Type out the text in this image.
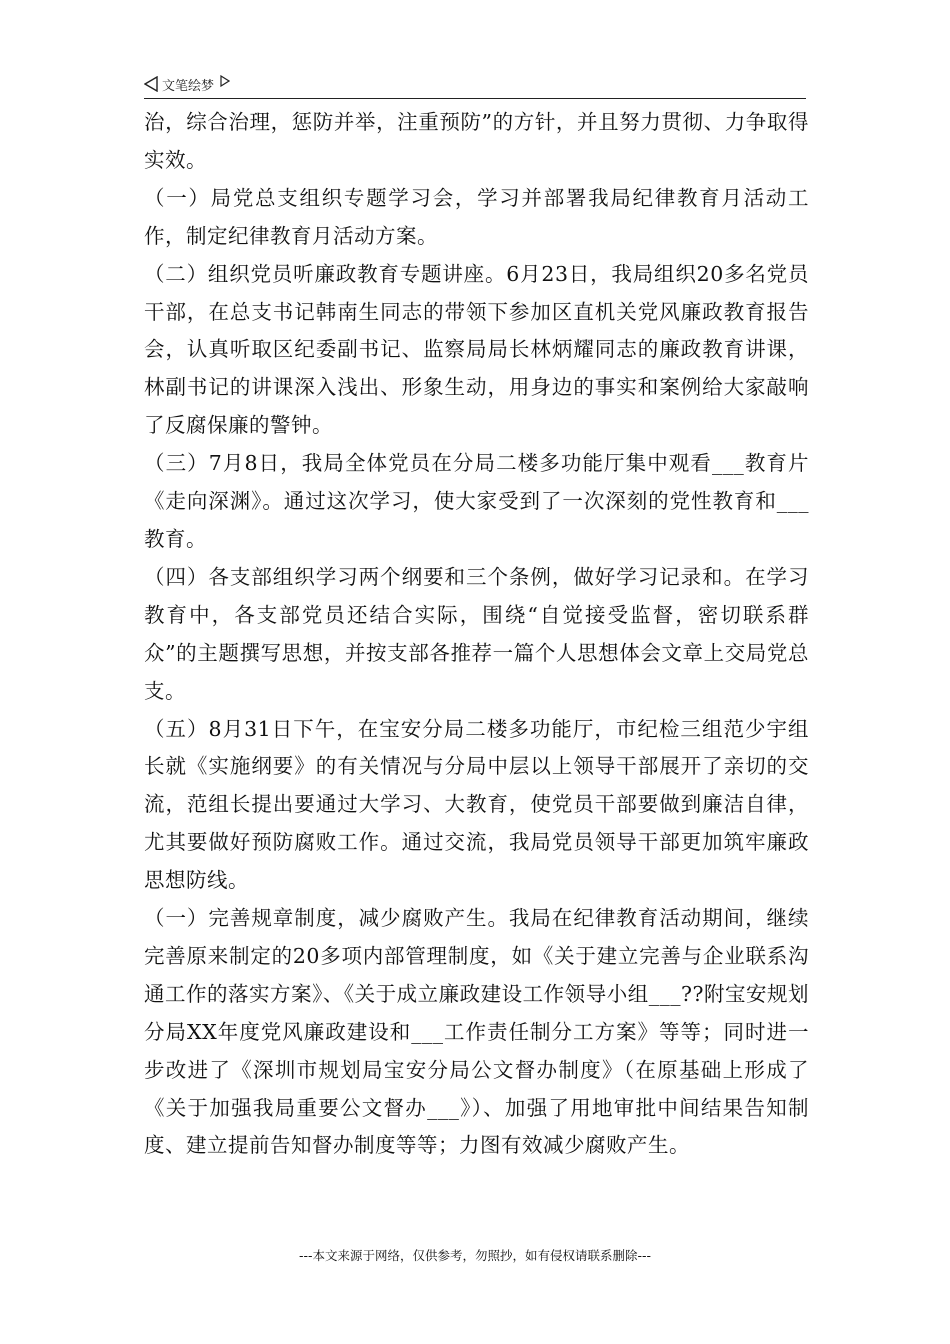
文笔绘梦

治，综合治理，惩防并举，注重预防”的方针，并且努力贯彻、力争取得实效。

（一）局党总支组织专题学习会，学习并部署我局纪律教育月活动工作，制定纪律教育月活动方案。

（二）组织党员听廉政教育专题讲座。6月23日，我局组织20多名党员干部，在总支书记韩南生同志的带领下参加区直机关党风廉政教育报告会，认真听取区纪委副书记、监察局局长林炳耀同志的廉政教育讲课，林副书记的讲课深入浅出、形象生动，用身边的事实和案例给大家敲响了反腐保廉的警钟。

（三）7月8日，我局全体党员在分局二楼多功能厅集中观看___教育片《走向深渊》。通过这次学习，使大家受到了一次深刻的党性教育和___教育。

（四）各支部组织学习两个纲要和三个条例，做好学习记录和。在学习教育中，各支部党员还结合实际，围绕“自觉接受监督，密切联系群众”的主题撰写思想，并按支部各推荐一篇个人思想体会文章上交局党总支。

（五）8月31日下午，在宝安分局二楼多功能厅，市纪检三组范少宇组长就《实施纲要》的有关情况与分局中层以上领导干部展开了亲切的交流，范组长提出要通过大学习、大教育，使党员干部要做到廉洁自律，尤其要做好预防腐败工作。通过交流，我局党员领导干部更加筑牢廉政思想防线。

（一）完善规章制度，减少腐败产生。我局在纪律教育活动期间，继续完善原来制定的20多项内部管理制度，如《关于建立完善与企业联系沟通工作的落实方案》、《关于成立廉政建设工作领导小组___??附宝安规划分局XX年度党风廉政建设和___工作责任制分工方案》等等；同时进一步改进了《深圳市规划局宝安分局公文督办制度》（在原基础上形成了《关于加强我局重要公文督办___》）、加强了用地审批中间结果告知制度、建立提前告知督办制度等等；力图有效减少腐败产生。

---本文来源于网络，仅供参考，勿照抄，如有侵权请联系删除---
